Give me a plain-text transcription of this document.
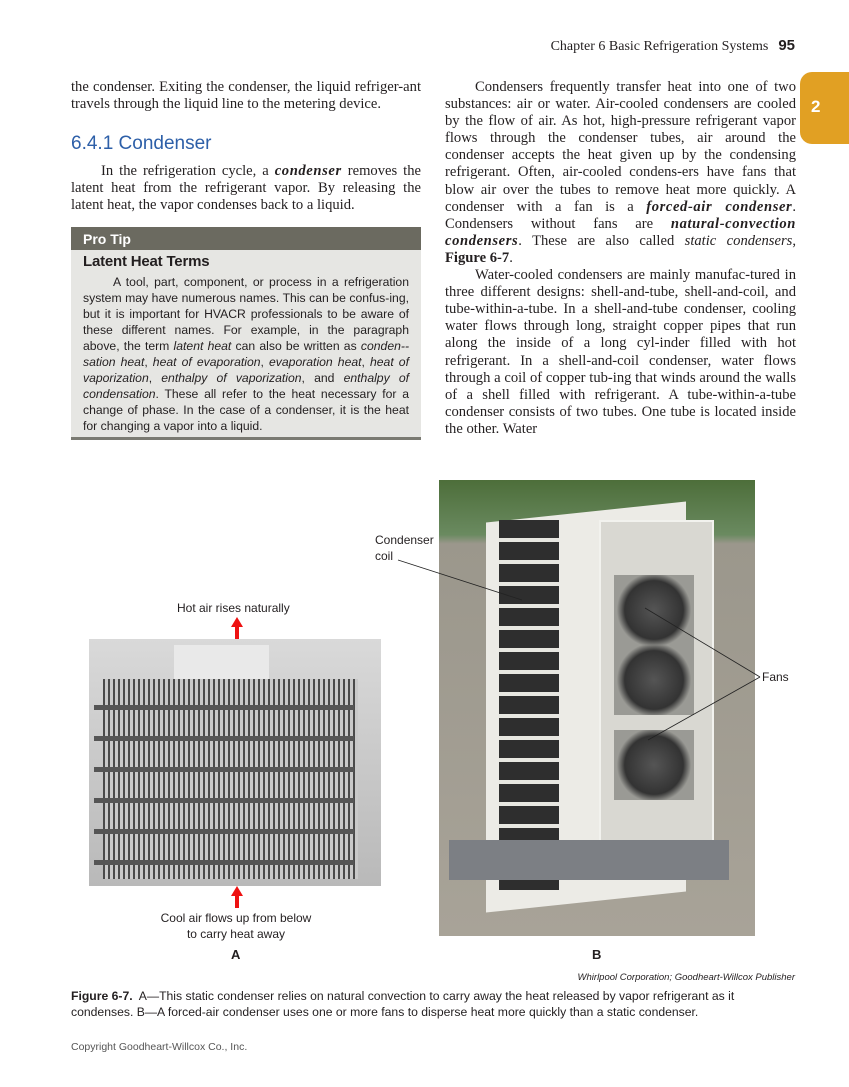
Chapter 6 Basic Refrigeration Systems 95
2
the condenser. Exiting the condenser, the liquid refriger-ant travels through the liquid line to the metering device.
6.4.1 Condenser

In the refrigeration cycle, a condenser removes the latent heat from the refrigerant vapor. By releasing the latent heat, the vapor condenses back to a liquid.

Pro Tip
Latent Heat Terms
A tool, part, component, or process in a refrigeration system may have numerous names. This can be confus-ing, but it is important for HVACR professionals to be aware of these different names. For example, in the paragraph above, the term latent heat can also be written as conden-sation heat, heat of evaporation, evaporation heat, heat of vaporization, enthalpy of vaporization, and enthalpy of condensation. These all refer to the heat necessary for a change of phase. In the case of a condenser, it is the heat for changing a vapor into a liquid.

Condensers frequently transfer heat into one of two substances: air or water. Air-cooled condensers are cooled by the flow of air. As hot, high-pressure refrigerant vapor flows through the condenser tubes, air around the condenser accepts the heat given up by the condensing refrigerant. Often, air-cooled condens-ers have fans that blow air over the tubes to remove heat more quickly. A condenser with a fan is a forced-air condenser. Condensers without fans are natural-convection condensers. These are also called static condensers, Figure 6-7.

Water-cooled condensers are mainly manufac-tured in three different designs: shell-and-tube, shell-and-coil, and tube-within-a-tube. In a shell-and-tube condenser, cooling water flows through long, straight copper pipes that run along the inside of a long cyl-inder filled with hot refrigerant. In a shell-and-coil condenser, water flows through a coil of copper tub-ing that winds around the walls of a shell filled with refrigerant. A tube-within-a-tube condenser consists of two tubes. One tube is located inside the other. Water

Hot air rises naturally
Cool air flows up from below to carry heat away
A
Condenser coil
Fans
B
Whirlpool Corporation; Goodheart-Willcox Publisher
Figure 6-7. A—This static condenser relies on natural convection to carry away the heat released by vapor refrigerant as it condenses. B—A forced-air condenser uses one or more fans to disperse heat more quickly than a static condenser.
Copyright Goodheart-Willcox Co., Inc.
